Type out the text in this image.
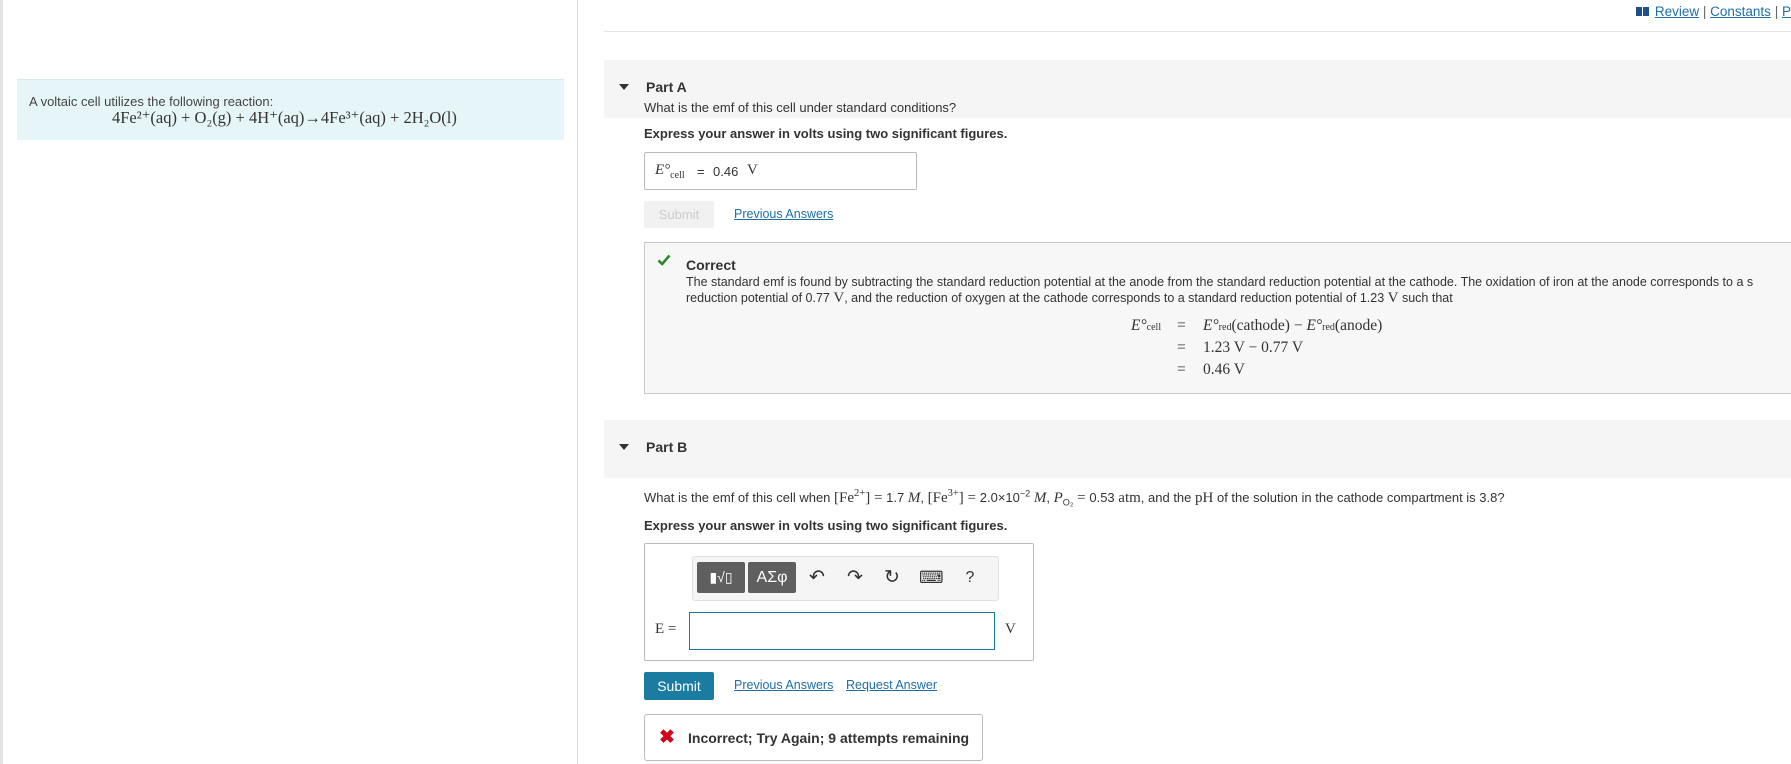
A voltaic cell utilizes the following reaction:
4Fe²⁺(aq) + O₂(g) + 4H⁺(aq)→4Fe³⁺(aq) + 2H₂O(l)
Review | Constants | P
Part A
What is the emf of this cell under standard conditions?
Express your answer in volts using two significant figures.
$E^\circ_{cell} = 0.46$ V
Submit	Previous Answers
Correct
The standard emf is found by subtracting the standard reduction potential at the anode from the standard reduction potential at the cathode. The oxidation of iron at the anode corresponds to a s
reduction potential of 0.77 V, and the reduction of oxygen at the cathode corresponds to a standard reduction potential of 1.23 V such that
E°cell	= E°red(cathode) − E°red(anode)
= 1.23 V − 0.77 V
= 0.46 V
Part B
What is the emf of this cell when $[Fe^{2+}] = 1.7$ M, $[Fe^{3+}] = 2.0\times 10^{-2}$ M, $P_{O_2} = 0.53$ atm, and the pH of the solution in the cathode compartment is 3.8?
Express your answer in volts using two significant figures.
▮√▯	ΑΣφ	↶ ↷ ↻ ⌨	?
E =	V
Submit	Previous Answers Request Answer
✖ Incorrect; Try Again; 9 attempts remaining
